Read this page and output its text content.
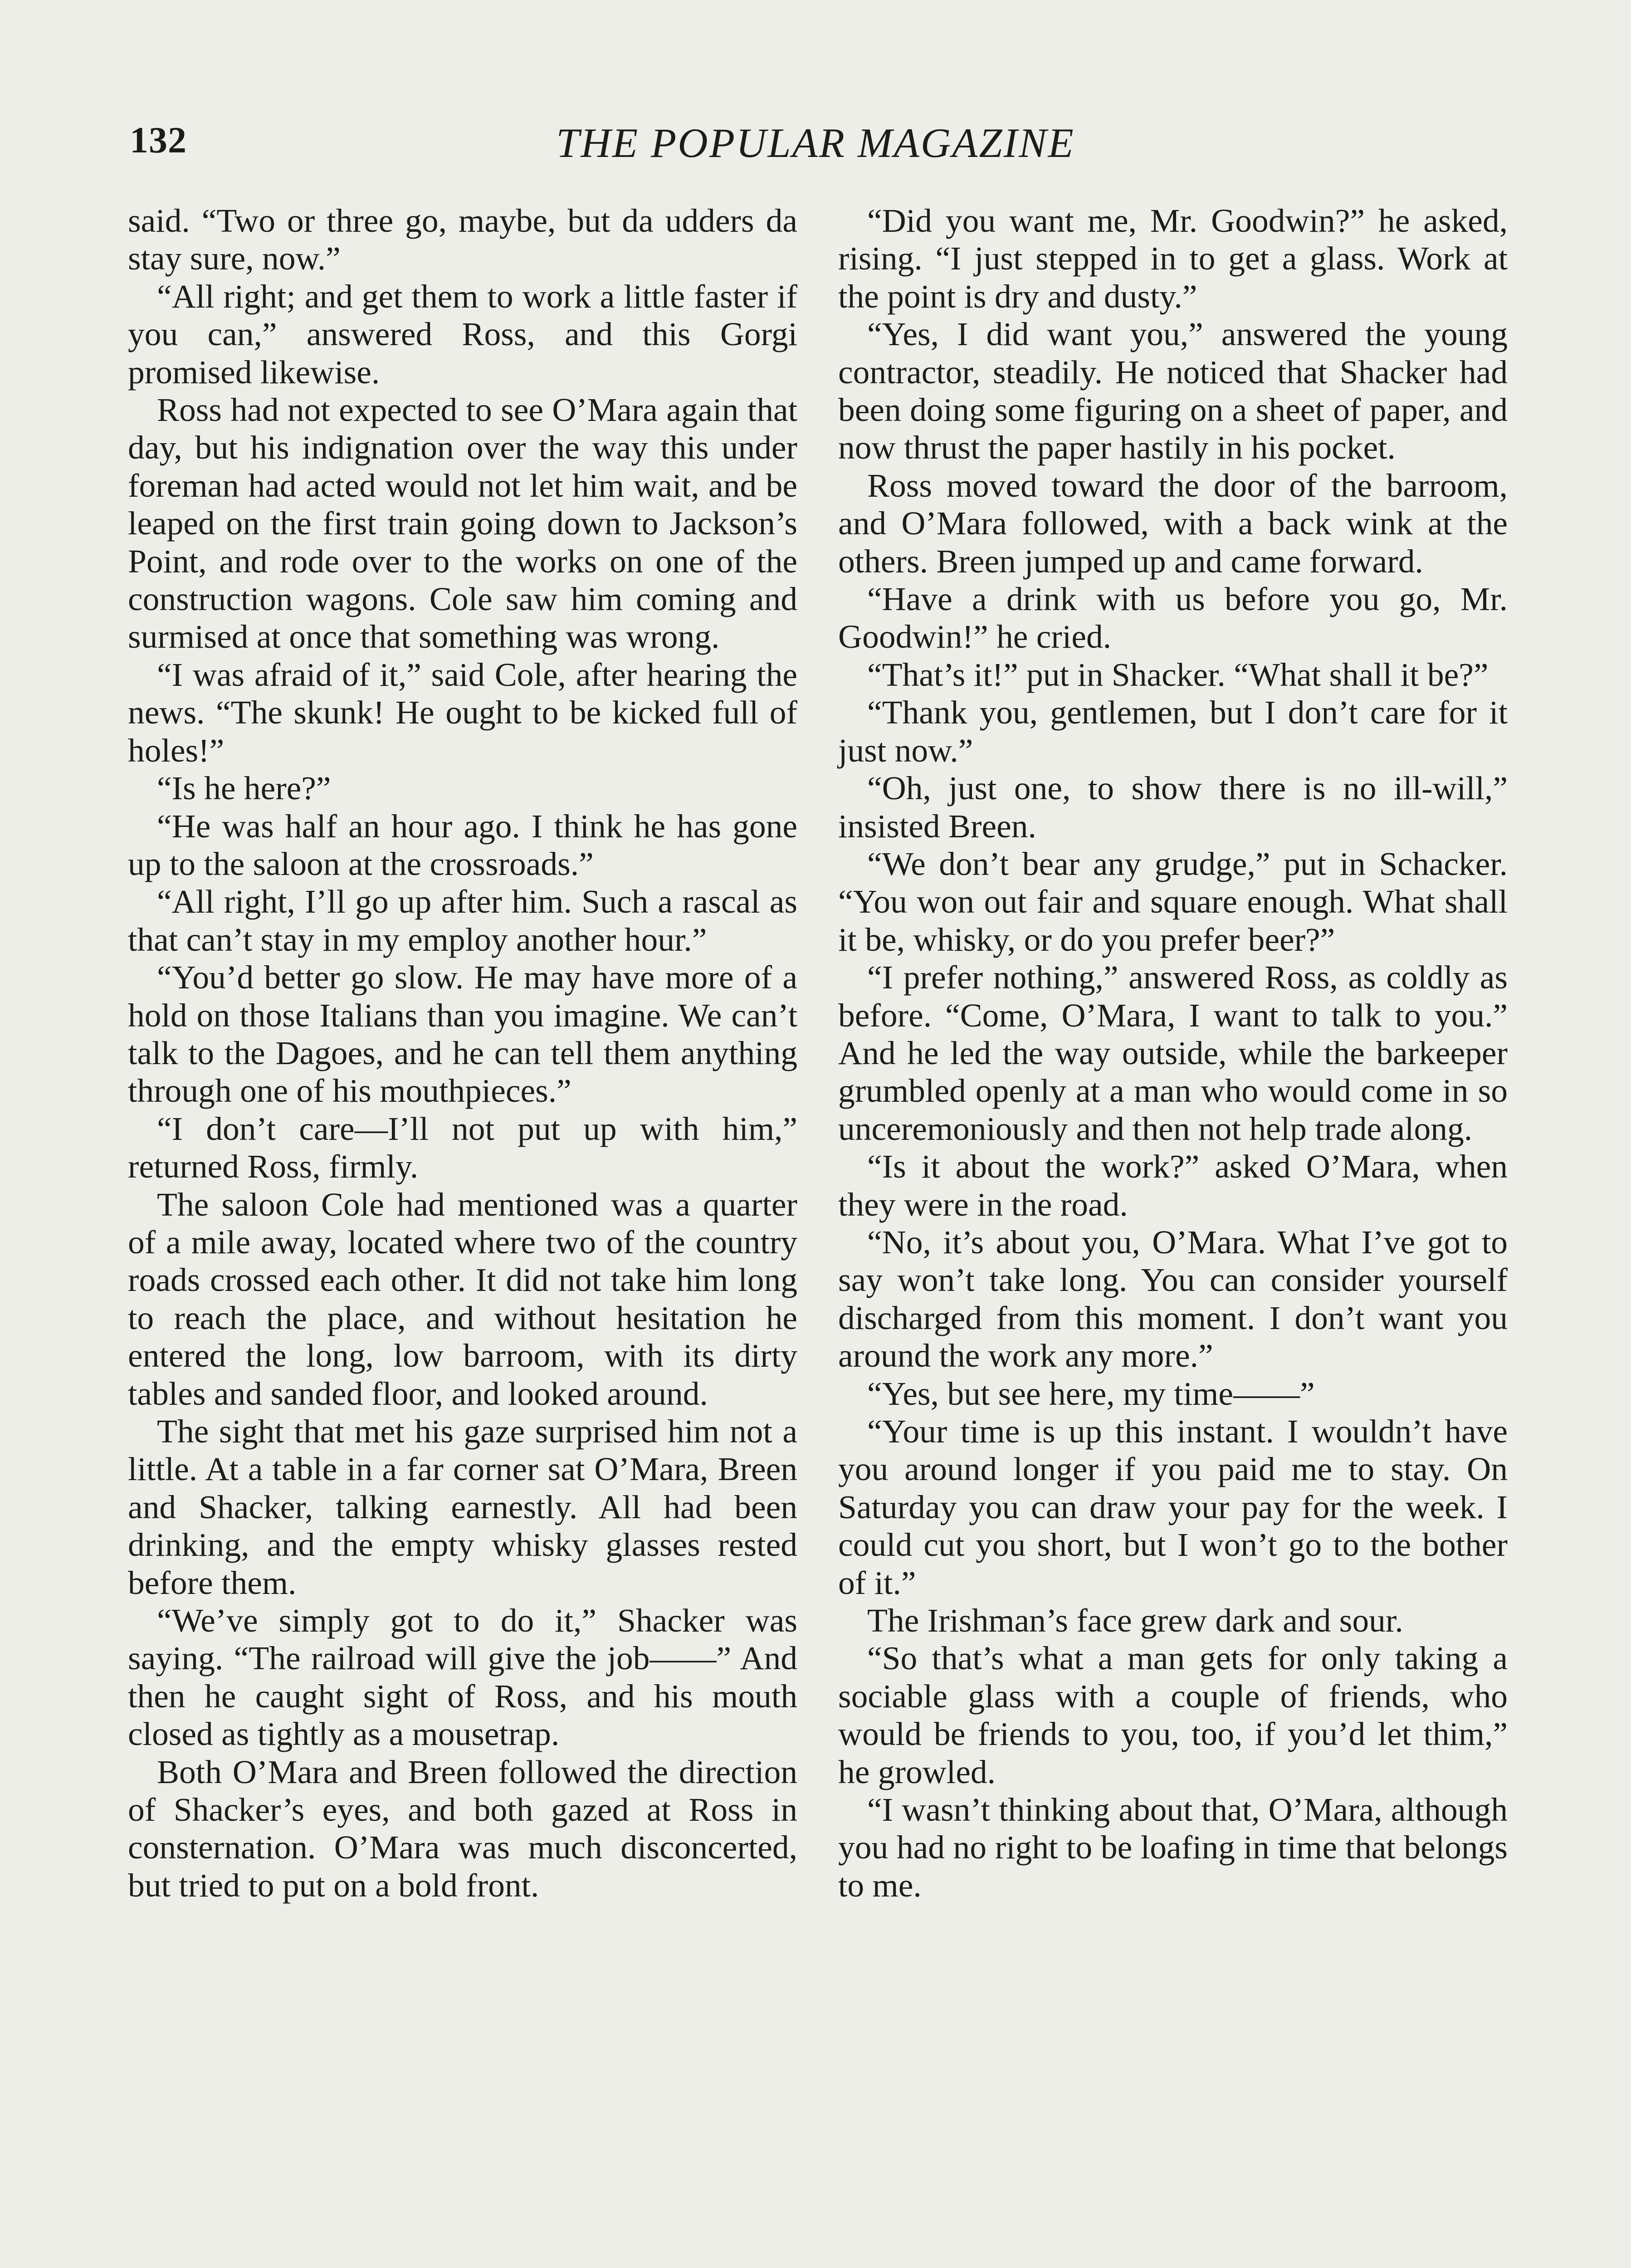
132	THE POPULAR MAGAZINE

said. “Two or three go, maybe, but da udders da stay sure, now.”

“All right; and get them to work a little faster if you can,” answered Ross, and this Gorgi promised likewise.

Ross had not expected to see O’Mara again that day, but his indignation over the way this under foreman had acted would not let him wait, and be leaped on the first train going down to Jackson’s Point, and rode over to the works on one of the construction wagons. Cole saw him coming and surmised at once that something was wrong.

“I was afraid of it,” said Cole, after hearing the news. “The skunk! He ought to be kicked full of holes!”

“Is he here?”

“He was half an hour ago. I think he has gone up to the saloon at the crossroads.”

“All right, I’ll go up after him. Such a rascal as that can’t stay in my employ another hour.”

“You’d better go slow. He may have more of a hold on those Italians than you imagine. We can’t talk to the Dagoes, and he can tell them anything through one of his mouthpieces.”

“I don’t care—I’ll not put up with him,” returned Ross, firmly.

The saloon Cole had mentioned was a quarter of a mile away, located where two of the country roads crossed each other. It did not take him long to reach the place, and without hesitation he entered the long, low barroom, with its dirty tables and sanded floor, and looked around.

The sight that met his gaze surprised him not a little. At a table in a far corner sat O’Mara, Breen and Shacker, talking earnestly. All had been drinking, and the empty whisky glasses rested before them.

“We’ve simply got to do it,” Shacker was saying. “The railroad will give the job——” And then he caught sight of Ross, and his mouth closed as tightly as a mousetrap.

Both O’Mara and Breen followed the direction of Shacker’s eyes, and both gazed at Ross in consternation. O’Mara was much disconcerted, but tried to put on a bold front.

“Did you want me, Mr. Goodwin?” he asked, rising. “I just stepped in to get a glass. Work at the point is dry and dusty.”

“Yes, I did want you,” answered the young contractor, steadily. He noticed that Shacker had been doing some figuring on a sheet of paper, and now thrust the paper hastily in his pocket.

Ross moved toward the door of the barroom, and O’Mara followed, with a back wink at the others. Breen jumped up and came forward.

“Have a drink with us before you go, Mr. Goodwin!” he cried.

“That’s it!” put in Shacker. “What shall it be?”

“Thank you, gentlemen, but I don’t care for it just now.”

“Oh, just one, to show there is no ill-will,” insisted Breen.

“We don’t bear any grudge,” put in Schacker. “You won out fair and square enough. What shall it be, whisky, or do you prefer beer?”

“I prefer nothing,” answered Ross, as coldly as before. “Come, O’Mara, I want to talk to you.” And he led the way outside, while the barkeeper grumbled openly at a man who would come in so unceremoniously and then not help trade along.

“Is it about the work?” asked O’Mara, when they were in the road.

“No, it’s about you, O’Mara. What I’ve got to say won’t take long. You can consider yourself discharged from this moment. I don’t want you around the work any more.”

“Yes, but see here, my time——”

“Your time is up this instant. I wouldn’t have you around longer if you paid me to stay. On Saturday you can draw your pay for the week. I could cut you short, but I won’t go to the bother of it.”

The Irishman’s face grew dark and sour.

“So that’s what a man gets for only taking a sociable glass with a couple of friends, who would be friends to you, too, if you’d let thim,” he growled.

“I wasn’t thinking about that, O’Mara, although you had no right to be loafing in time that belongs to me.
